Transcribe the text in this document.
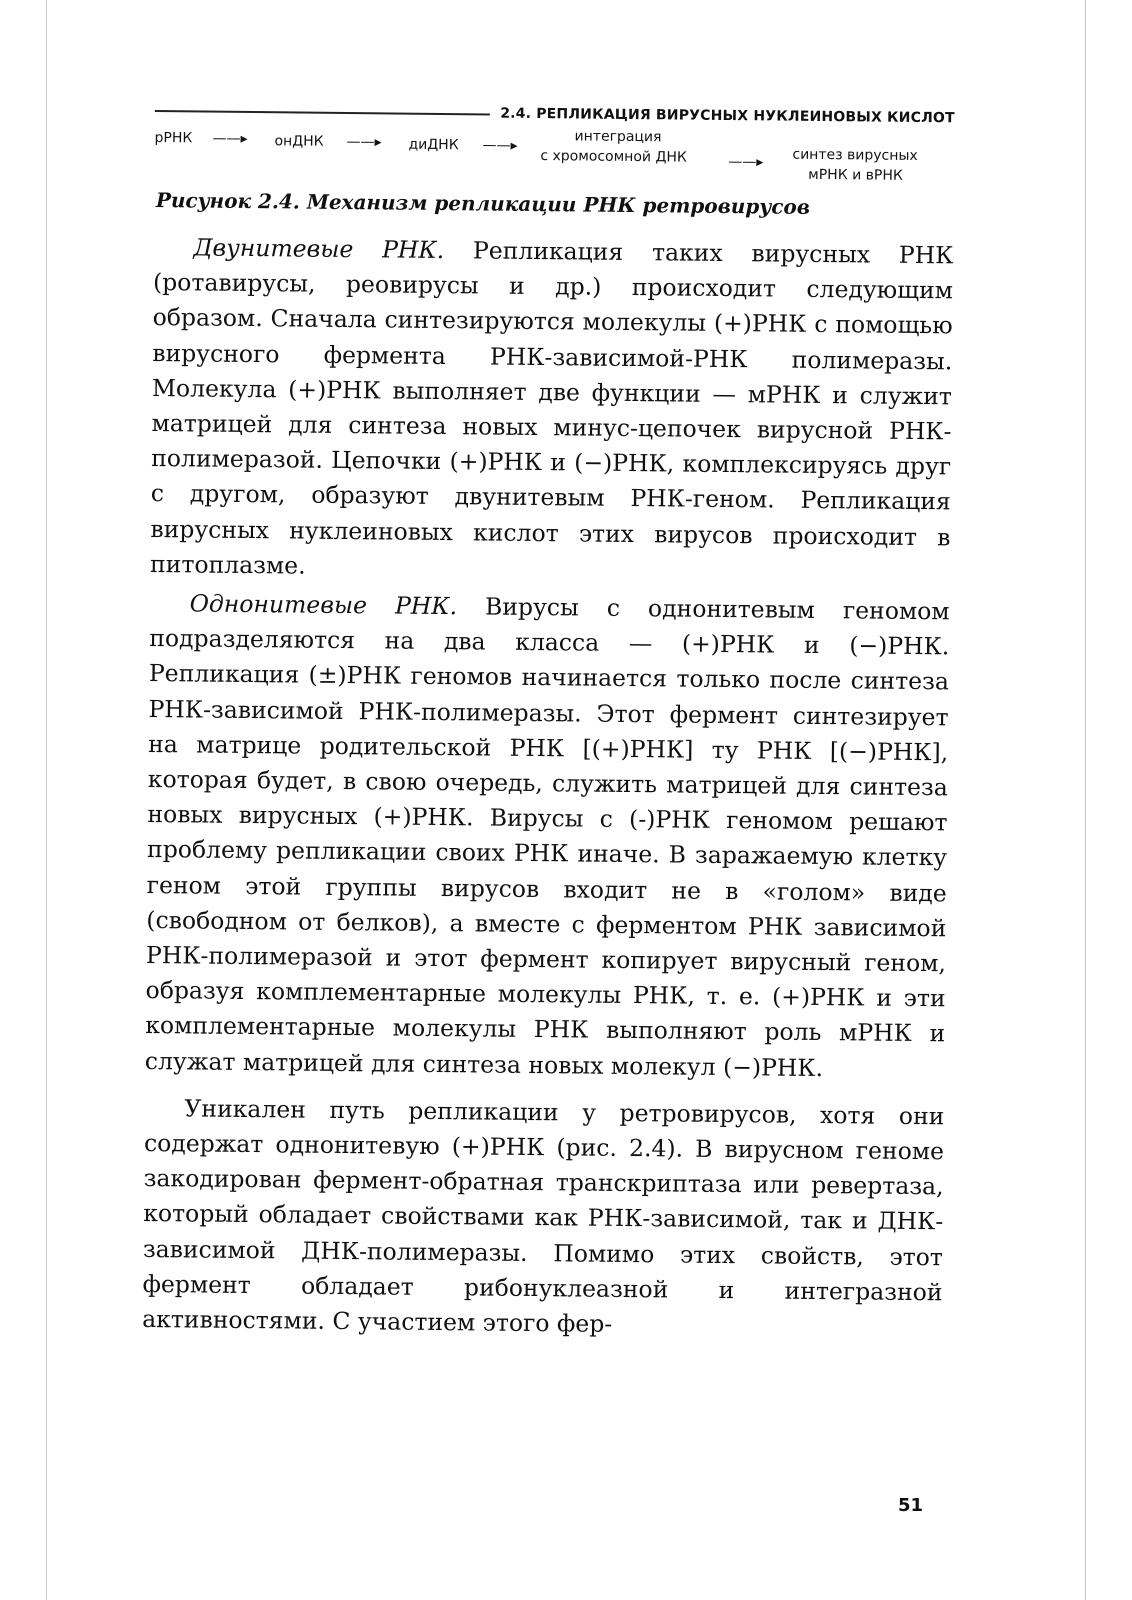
2.4. РЕПЛИКАЦИЯ ВИРУСНЫХ НУКЛЕИНОВЫХ КИСЛОТ
рРНК ——▸ онДНК ——▸ диДНК ——▸
интеграция
с хромосомной ДНК	——▸ синтез вирусных
мРНК и вРНК
Рисунок 2.4. Механизм репликации РНК ретровирусов

Двунитевые РНК. Репликация таких вирусных РНК (ротавирусы, реовирусы и др.) происходит следующим образом. Сначала синтезируются молекулы (+)РНК с помощью вирусного фермента РНК-зависимой-РНК полимеразы. Молекула (+)РНК выполняет две функции — мРНК и служит матрицей для синтеза новых минус-цепочек вирусной РНК-полимеразой. Цепочки (+)РНК и (−)РНК, комплексируясь друг с другом, образуют двунитевым РНК-геном. Репликация вирусных нуклеиновых кислот этих вирусов происходит в питоплазме.

Однонитевые РНК. Вирусы с однонитевым геномом подразделяются на два класса — (+)РНК и (−)РНК. Репликация (±)РНК геномов начинается только после синтеза РНК-зависимой РНК-полимеразы. Этот фермент синтезирует на матрице родительской РНК [(+)РНК] ту РНК [(−)РНК], которая будет, в свою очередь, служить матрицей для синтеза новых вирусных (+)РНК. Вирусы с (-)РНК геномом решают проблему репликации своих РНК иначе. В заражаемую клетку геном этой группы вирусов входит не в «голом» виде (свободном от белков), а вместе с ферментом РНК зависимой РНК-полимеразой и этот фермент копирует вирусный геном, образуя комплементарные молекулы РНК, т. е. (+)РНК и эти комплементарные молекулы РНК выполняют роль мРНК и служат матрицей для синтеза новых молекул (−)РНК.

Уникален путь репликации у ретровирусов, хотя они содержат однонитевую (+)РНК (рис. 2.4). В вирусном геноме закодирован фермент-обратная транскриптаза или ревертаза, который обладает свойствами как РНК-зависимой, так и ДНК-зависимой ДНК-полимеразы. Помимо этих свойств, этот фермент обладает рибонуклеазной и интегразной активностями. С участием этого фер-

51
